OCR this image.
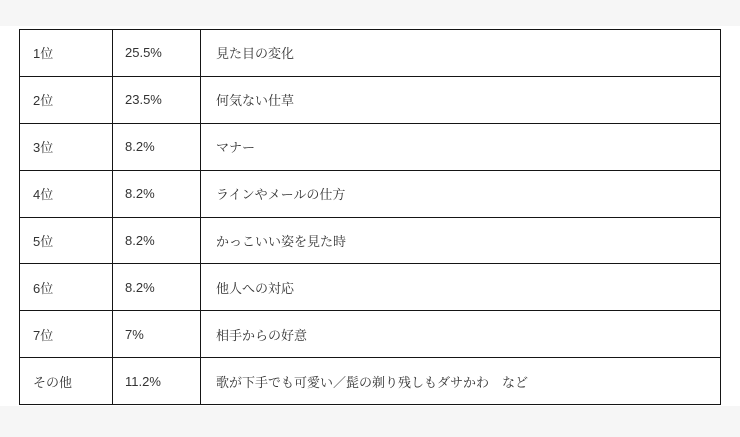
1位	25.5%	見た目の変化
2位	23.5%	何気ない仕草
3位	8.2%	マナー
4位	8.2%	ラインやメールの仕方
5位	8.2%	かっこいい姿を見た時
6位	8.2%	他人への対応
7位	7%	相手からの好意
その他	11.2%	歌が下手でも可愛い／髭の剃り残しもダサかわ　など
